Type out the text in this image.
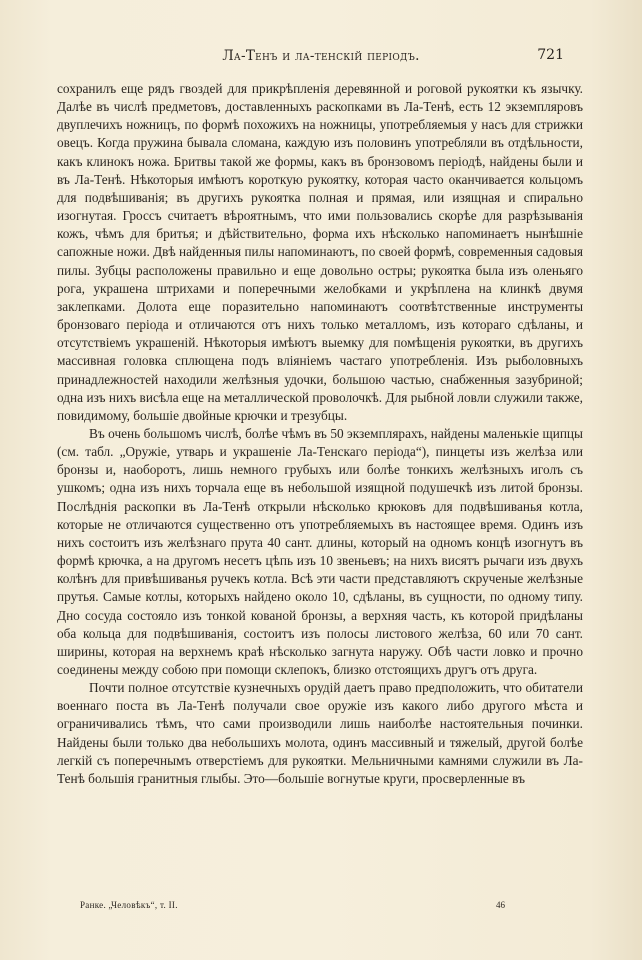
Ла-Тенъ и ла-тенскій періодъ.	721

сохранилъ еще рядъ гвоздей для прикрѣпленія деревянной и роговой рукоятки къ язычку. Далѣе въ числѣ предметовъ, доставленныхъ раскопками въ Ла-Тенѣ, есть 12 экземпляровъ двуплечихъ ножницъ, по формѣ похожихъ на ножницы, употребляемыя у насъ для стрижки овецъ. Когда пружина бывала сломана, каждую изъ половинъ употребляли въ отдѣльности, какъ клинокъ ножа. Бритвы такой же формы, какъ въ бронзовомъ періодѣ, найдены были и въ Ла-Тенѣ. Нѣкоторыя имѣютъ короткую рукоятку, которая часто оканчивается кольцомъ для подвѣшиванія; въ другихъ рукоятка полная и прямая, или изящная и спирально изогнутая. Гроссъ считаетъ вѣроятнымъ, что ими пользовались скорѣе для разрѣзыванія кожъ, чѣмъ для бритья; и дѣйствительно, форма ихъ нѣсколько напоминаетъ нынѣшніе сапожные ножи. Двѣ найденныя пилы напоминаютъ, по своей формѣ, современныя садовыя пилы. Зубцы расположены правильно и еще довольно остры; рукоятка была изъ оленьяго рога, украшена штрихами и поперечными желобками и укрѣплена на клинкѣ двумя заклепками. Долота еще поразительно напоминаютъ соотвѣтственные инструменты бронзоваго періода и отличаются отъ нихъ только металломъ, изъ котораго сдѣланы, и отсутствіемъ украшеній. Нѣкоторыя имѣютъ выемку для помѣщенія рукоятки, въ другихъ массивная головка сплющена подъ вліяніемъ частаго употребленія. Изъ рыболовныхъ принадлежностей находили желѣзныя удочки, большою частью, снабженныя зазубриной; одна изъ нихъ висѣла еще на металлической проволочкѣ. Для рыбной ловли служили также, повидимому, большіе двойные крючки и трезубцы.

Въ очень большомъ числѣ, болѣе чѣмъ въ 50 экземплярахъ, найдены маленькіе щипцы (см. табл. „Оружіе, утварь и украшеніе Ла-Тенскаго періода“), пинцеты изъ желѣза или бронзы и, наоборотъ, лишь немного грубыхъ или болѣе тонкихъ желѣзныхъ иголъ съ ушкомъ; одна изъ нихъ торчала еще въ небольшой изящной подушечкѣ изъ литой бронзы. Послѣднія раскопки въ Ла-Тенѣ открыли нѣсколько крюковъ для подвѣшиванья котла, которые не отличаются существенно отъ употребляемыхъ въ настоящее время. Одинъ изъ нихъ состоитъ изъ желѣзнаго прута 40 сант. длины, который на одномъ концѣ изогнутъ въ формѣ крючка, а на другомъ несетъ цѣпь изъ 10 звеньевъ; на нихъ висятъ рычаги изъ двухъ колѣнъ для привѣшиванья ручекъ котла. Всѣ эти части представляютъ скрученые желѣзные прутья. Самые котлы, которыхъ найдено около 10, сдѣланы, въ сущности, по одному типу. Дно сосуда состояло изъ тонкой кованой бронзы, а верхняя часть, къ которой придѣланы оба кольца для подвѣшиванія, состоитъ изъ полосы листового желѣза, 60 или 70 сант. ширины, которая на верхнемъ краѣ нѣсколько загнута наружу. Обѣ части ловко и прочно соединены между собою при помощи склепокъ, близко отстоящихъ другъ отъ друга.

Почти полное отсутствіе кузнечныхъ орудій даетъ право предположить, что обитатели военнаго поста въ Ла-Тенѣ получали свое оружіе изъ какого либо другого мѣста и ограничивались тѣмъ, что сами производили лишь наиболѣе настоятельныя починки. Найдены были только два небольшихъ молота, одинъ массивный и тяжелый, другой болѣе легкій съ поперечнымъ отверстіемъ для рукоятки. Мельничными камнями служили въ Ла-Тенѣ большія гранитныя глыбы. Это—большіе вогнутые круги, просверленные въ

Ранке. „Человѣкъ“, т. II.	46
